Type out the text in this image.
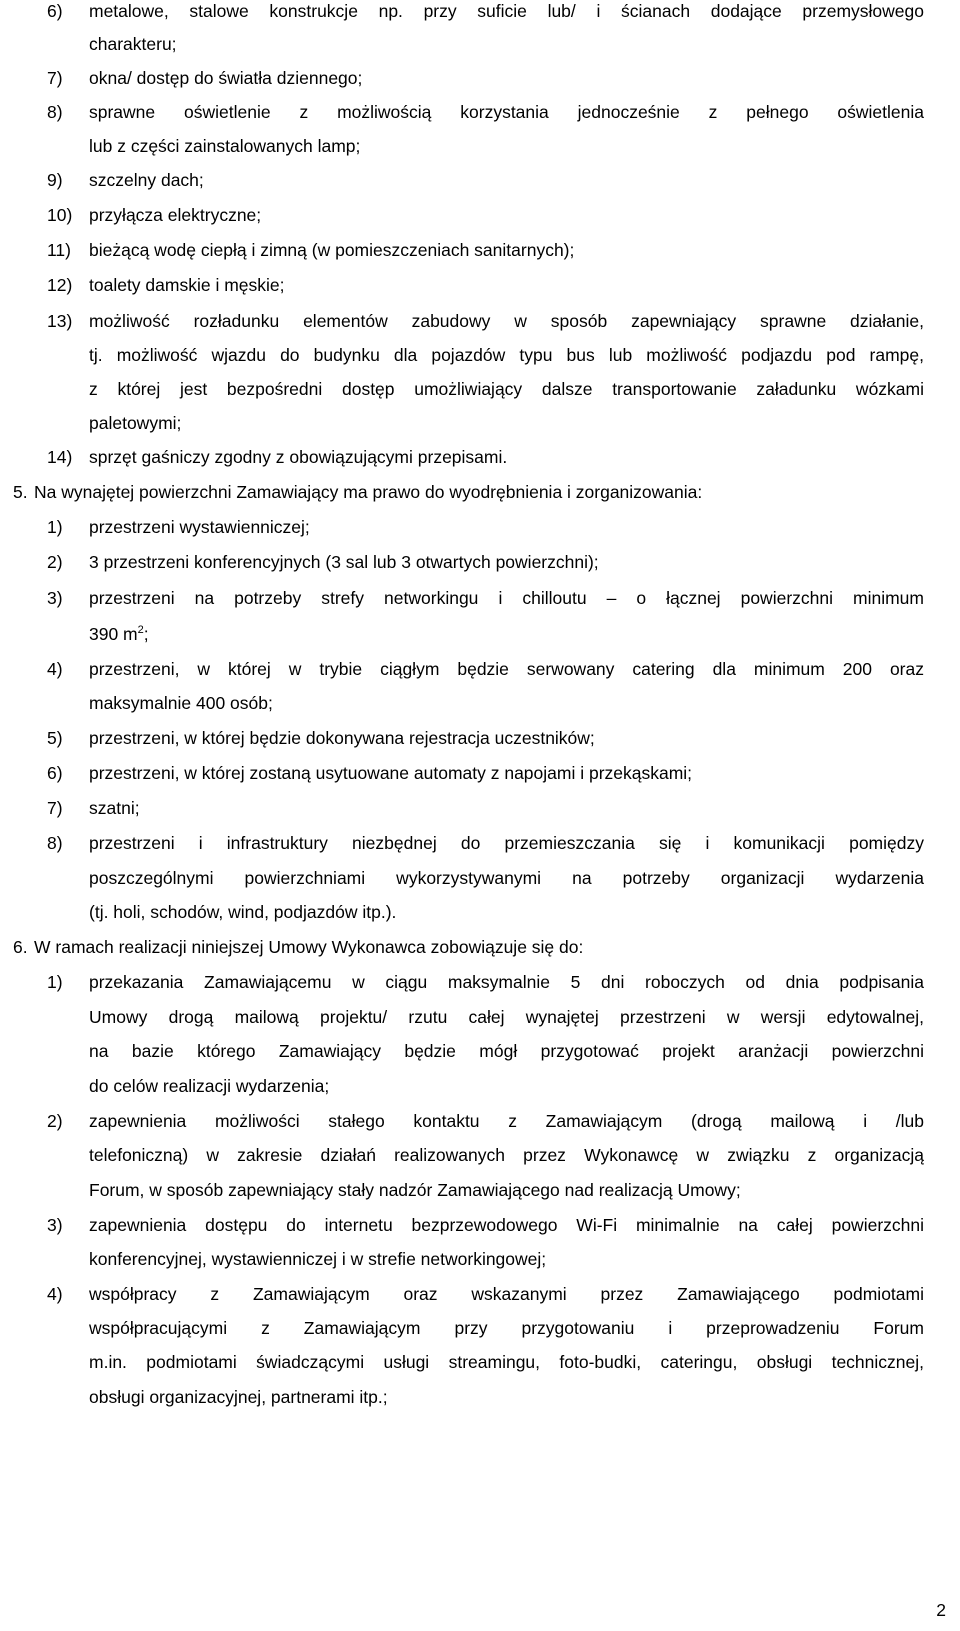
6)	metalowe, stalowe konstrukcje np. przy suficie lub/ i ścianach dodające przemysłowego
charakteru;
7)	okna/ dostęp do światła dziennego;
8)	sprawne oświetlenie z możliwością korzystania jednocześnie z pełnego oświetlenia
lub z części zainstalowanych lamp;
9)	szczelny dach;
10) przyłącza elektryczne;
11)	bieżącą wodę ciepłą i zimną (w pomieszczeniach sanitarnych);
12) toalety damskie i męskie;
13) możliwość rozładunku elementów zabudowy w sposób zapewniający sprawne działanie,
tj. możliwość wjazdu do budynku dla pojazdów typu bus lub możliwość podjazdu pod rampę,
z której jest bezpośredni dostęp umożliwiający dalsze transportowanie załadunku wózkami
paletowymi;
14) sprzęt gaśniczy zgodny z obowiązującymi przepisami.
5. Na wynajętej powierzchni Zamawiający ma prawo do wyodrębnienia i zorganizowania:
1)	przestrzeni wystawienniczej;
2)	3 przestrzeni konferencyjnych (3 sal lub 3 otwartych powierzchni);
3)	przestrzeni na potrzeby strefy networkingu i chilloutu – o łącznej powierzchni minimum
390 $m^2$;
4)	przestrzeni, w której w trybie ciągłym będzie serwowany catering dla minimum 200 oraz
maksymalnie 400 osób;
5)	przestrzeni, w której będzie dokonywana rejestracja uczestników;
6)	przestrzeni, w której zostaną usytuowane automaty z napojami i przekąskami;
7)	szatni;
8)	przestrzeni i infrastruktury niezbędnej do przemieszczania się i komunikacji pomiędzy
poszczególnymi powierzchniami wykorzystywanymi na potrzeby organizacji wydarzenia
(tj. holi, schodów, wind, podjazdów itp.).
6. W ramach realizacji niniejszej Umowy Wykonawca zobowiązuje się do:
1)	przekazania Zamawiającemu w ciągu maksymalnie 5 dni roboczych od dnia podpisania
Umowy drogą mailową projektu/ rzutu całej wynajętej przestrzeni w wersji edytowalnej,
na bazie którego Zamawiający będzie mógł przygotować projekt aranżacji powierzchni
do celów realizacji wydarzenia;
2)	zapewnienia możliwości stałego kontaktu z Zamawiającym (drogą mailową i /lub
telefoniczną) w zakresie działań realizowanych przez Wykonawcę w związku z organizacją
Forum, w sposób zapewniający stały nadzór Zamawiającego nad realizacją Umowy;
3)	zapewnienia dostępu do internetu bezprzewodowego Wi-Fi minimalnie na całej powierzchni
konferencyjnej, wystawienniczej i w strefie networkingowej;
4)	współpracy z Zamawiającym oraz wskazanymi przez Zamawiającego podmiotami
współpracującymi z Zamawiającym przy przygotowaniu i przeprowadzeniu Forum
m.in. podmiotami świadczącymi usługi streamingu, foto-budki, cateringu, obsługi technicznej,
obsługi organizacyjnej, partnerami itp.;
2
